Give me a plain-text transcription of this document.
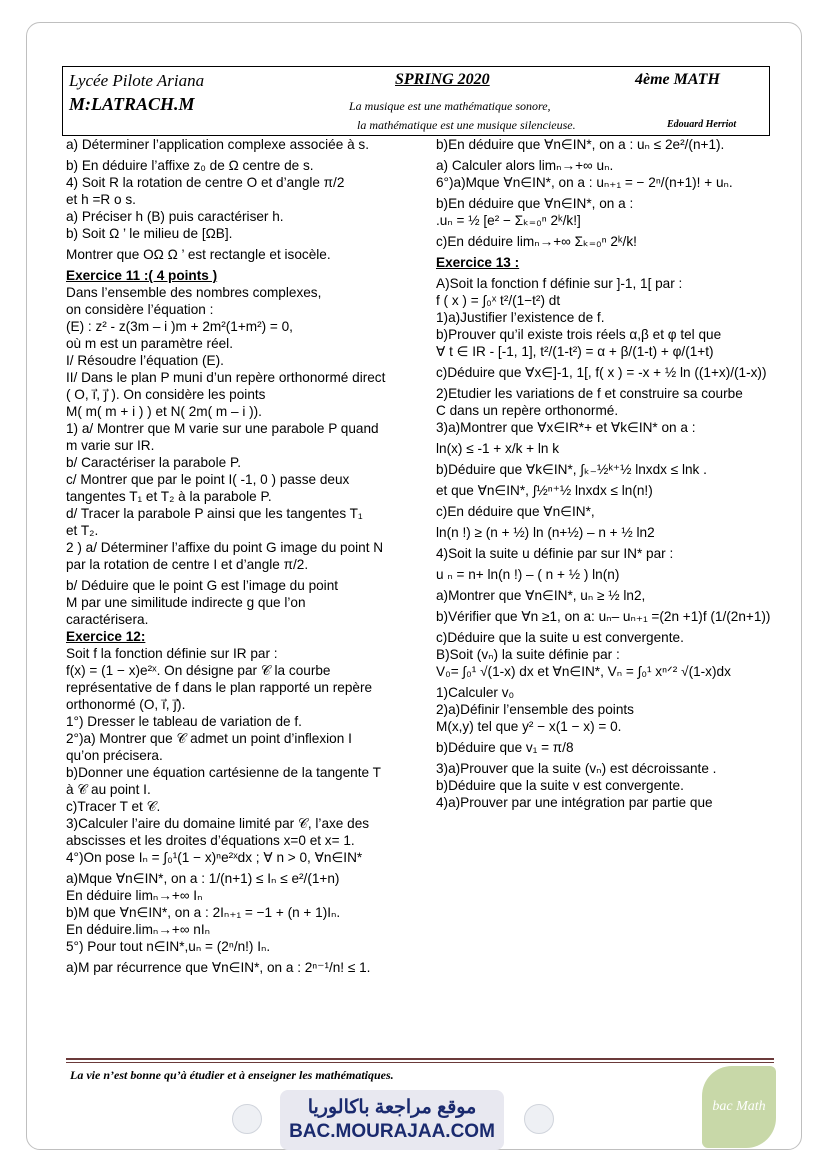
Lycée Pilote Ariana
M:LATRACH.M
SPRING 2020	4ème MATH
La musique est une mathématique sonore,
la mathématique est une musique silencieuse.	Edouard Herriot
a) Déterminer l’application complexe associée à s.
b) En déduire l’affixe z₀ de Ω centre de s.
4) Soit R la rotation de centre O et d’angle π/2
et h =R o s.
a) Préciser h (B) puis caractériser h.
b) Soit Ω ’ le milieu de [ΩB].
Montrer que OΩ Ω ’ est rectangle et isocèle.
Exercice 11 :( 4 points )
Dans l’ensemble des nombres complexes,
on considère l’équation :
(E) : z² - z(3m – i )m + 2m²(1+m²) = 0,
où m est un paramètre réel.
I/ Résoudre l’équation (E).
II/ Dans le plan P muni d’un repère orthonormé direct
( O, i⃗, j⃗ ). On considère les points
M( m( m + i ) ) et N( 2m( m – i )).
1) a/ Montrer que M varie sur une parabole P quand
m varie sur IR.
b/ Caractériser la parabole P.
c/ Montrer que par le point I( -1, 0 ) passe deux
tangentes T₁ et T₂ à la parabole P.
d/ Tracer la parabole P ainsi que les tangentes T₁
et T₂.
2 ) a/ Déterminer l’affixe du point G image du point N
par la rotation de centre I et d’angle π/2.
b/ Déduire que le point G est l’image du point
M par une similitude indirecte g que l’on
caractérisera.
Exercice 12:
Soit f la fonction définie sur IR par :
f(x) = (1 − x)e²ˣ. On désigne par 𝒞 la courbe
représentative de f dans le plan rapporté un repère
orthonormé (O, i⃗, j⃗).
1°) Dresser le tableau de variation de f.
2°)a) Montrer que 𝒞 admet un point d’inflexion I
qu’on précisera.
b)Donner une équation cartésienne de la tangente T
à 𝒞 au point I.
c)Tracer T et 𝒞.
3)Calculer l’aire du domaine limité par 𝒞, l’axe des
abscisses et les droites d’équations x=0 et x= 1.
4°)On pose Iₙ = ∫₀¹(1 − x)ⁿe²ˣdx ; ∀ n > 0, ∀n∈IN*
a)Mque ∀n∈IN*, on a : 1/(n+1) ≤ Iₙ ≤ e²/(1+n)
En déduire limₙ→+∞ Iₙ
b)M que ∀n∈IN*, on a : 2Iₙ₊₁ = −1 + (n + 1)Iₙ.
En déduire.limₙ→+∞ nIₙ
5°) Pour tout n∈IN*,uₙ = (2ⁿ/n!) Iₙ.
a)M par récurrence que ∀n∈IN*, on a : 2ⁿ⁻¹/n! ≤ 1.
b)En déduire que ∀n∈IN*, on a : uₙ ≤ 2e²/(n+1).
a) Calculer alors limₙ→+∞ uₙ.
6°)a)Mque ∀n∈IN*, on a : uₙ₊₁ = − 2ⁿ/(n+1)! + uₙ.
b)En déduire que ∀n∈IN*, on a :
.uₙ = ½ [e² − Σₖ₌₀ⁿ 2ᵏ/k!]
c)En déduire limₙ→+∞ Σₖ₌₀ⁿ 2ᵏ/k!
Exercice 13 :
A)Soit la fonction f définie sur ]-1, 1[ par :
f ( x ) = ∫₀ˣ t²/(1−t²) dt
1)a)Justifier l’existence de f.
b)Prouver qu’il existe trois réels α,β et φ tel que
∀ t ∈ IR - [-1, 1], t²/(1-t²) = α + β/(1-t) + φ/(1+t)
c)Déduire que ∀x∈]-1, 1[, f( x ) = -x + ½ ln ((1+x)/(1-x))
2)Etudier les variations de f et construire sa courbe
C dans un repère orthonormé.
3)a)Montrer que ∀x∈IR*+ et ∀k∈IN* on a :
ln(x) ≤ -1 + x/k + ln k
b)Déduire que ∀k∈IN*, ∫ₖ₋½ᵏ⁺½ lnxdx ≤ lnk .
et que ∀n∈IN*, ∫½ⁿ⁺½ lnxdx ≤ ln(n!)
c)En déduire que ∀n∈IN*,
ln(n !) ≥ (n + ½) ln (n+½) – n + ½ ln2
4)Soit la suite u définie par sur IN* par :
u ₙ = n+ ln(n !) – ( n + ½ ) ln(n)
a)Montrer que ∀n∈IN*, uₙ ≥ ½ ln2,
b)Vérifier que ∀n ≥1, on a: uₙ– uₙ₊₁ =(2n +1)f (1/(2n+1))
c)Déduire que la suite u est convergente.
B)Soit (vₙ) la suite définie par :
V₀= ∫₀¹ √(1-x) dx et ∀n∈IN*, Vₙ = ∫₀¹ xⁿᐟ² √(1-x)dx
1)Calculer v₀
2)a)Définir l’ensemble des points
M(x,y) tel que y² − x(1 − x) = 0.
b)Déduire que v₁ = π/8
3)a)Prouver que la suite (vₙ) est décroissante .
b)Déduire que la suite v est convergente.
4)a)Prouver par une intégration par partie que
La vie n’est bonne qu’à étudier et à enseigner les mathématiques.
موقع مراجعة باكالوريا
BAC.MOURAJAA.COM
bac Math
